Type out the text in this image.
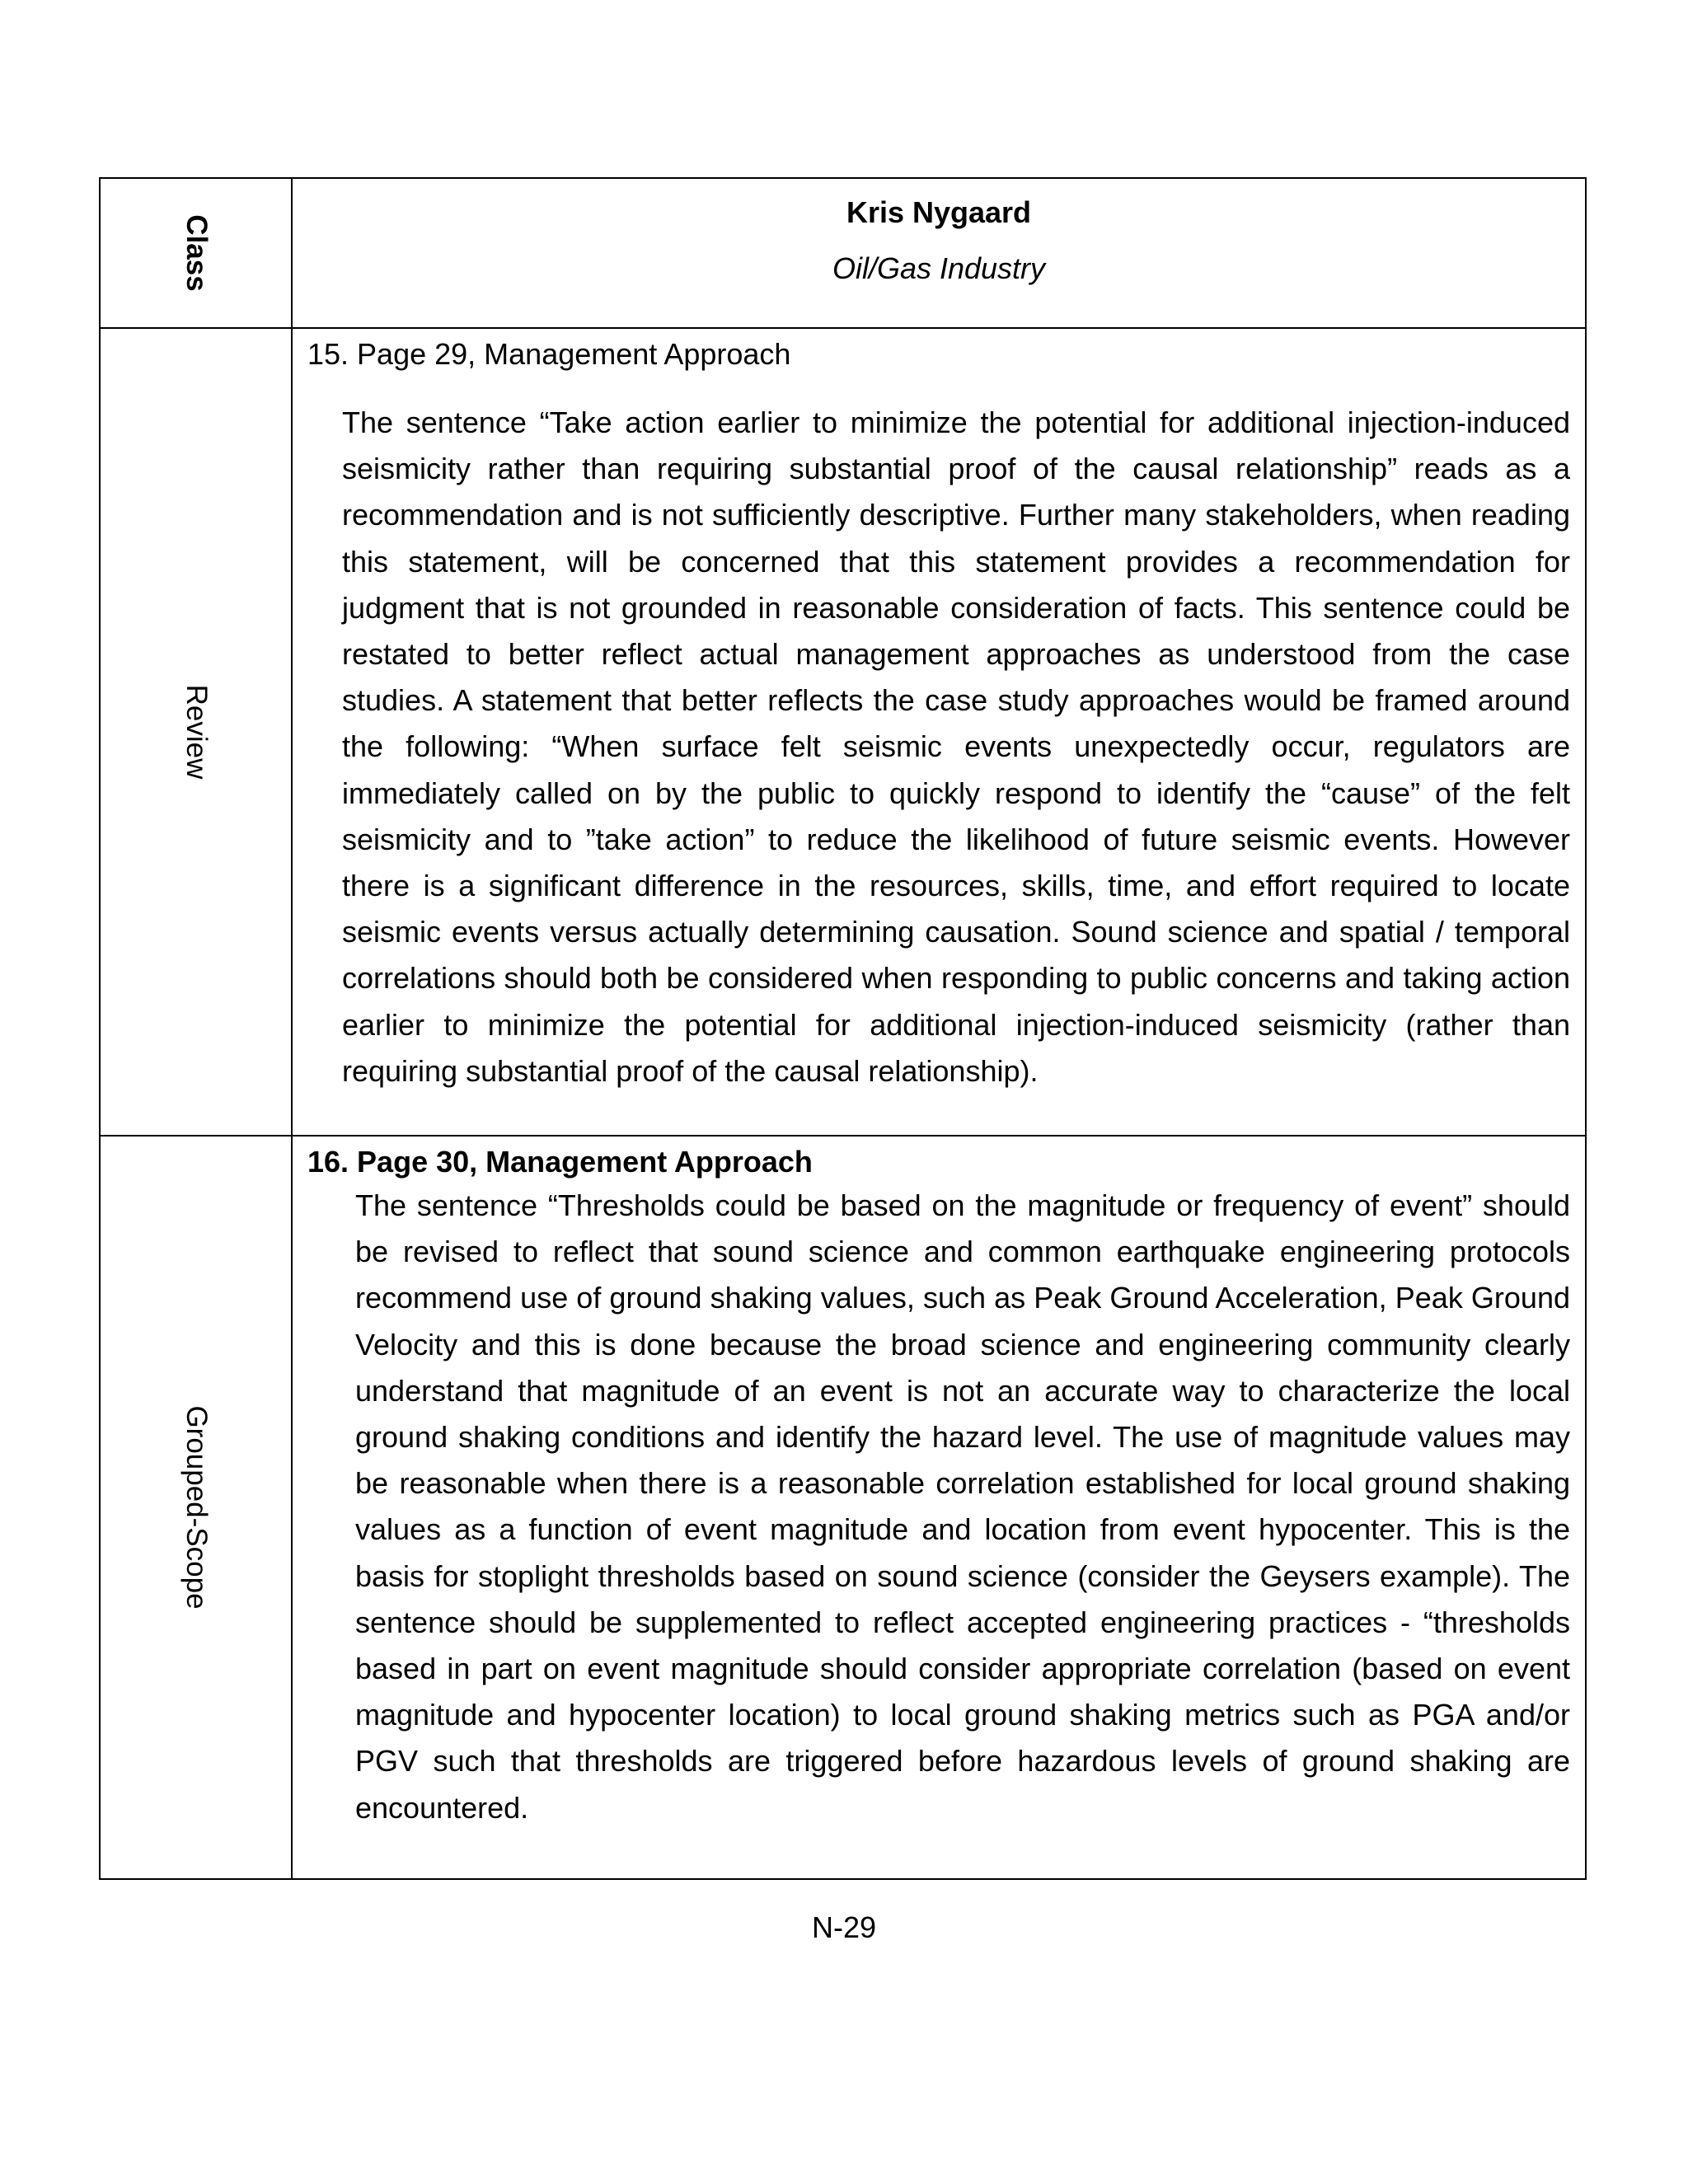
Class
Kris Nygaard
Oil/Gas Industry
Review
15. Page 29, Management Approach

The sentence “Take action earlier to minimize the potential for additional injection-induced seismicity rather than requiring substantial proof of the causal relationship” reads as a recommendation and is not sufficiently descriptive. Further many stakeholders, when reading this statement, will be concerned that this statement provides a recommendation for judgment that is not grounded in reasonable consideration of facts. This sentence could be restated to better reflect actual management approaches as understood from the case studies. A statement that better reflects the case study approaches would be framed around the following: “When surface felt seismic events unexpectedly occur, regulators are immediately called on by the public to quickly respond to identify the “cause” of the felt seismicity and to ”take action” to reduce the likelihood of future seismic events. However there is a significant difference in the resources, skills, time, and effort required to locate seismic events versus actually determining causation. Sound science and spatial / temporal correlations should both be considered when responding to public concerns and taking action earlier to minimize the potential for additional injection-induced seismicity (rather than requiring substantial proof of the causal relationship).

Grouped-Scope
16. Page 30, Management Approach

The sentence “Thresholds could be based on the magnitude or frequency of event” should be revised to reflect that sound science and common earthquake engineering protocols recommend use of ground shaking values, such as Peak Ground Acceleration, Peak Ground Velocity and this is done because the broad science and engineering community clearly understand that magnitude of an event is not an accurate way to characterize the local ground shaking conditions and identify the hazard level. The use of magnitude values may be reasonable when there is a reasonable correlation established for local ground shaking values as a function of event magnitude and location from event hypocenter. This is the basis for stoplight thresholds based on sound science (consider the Geysers example). The sentence should be supplemented to reflect accepted engineering practices - “thresholds based in part on event magnitude should consider appropriate correlation (based on event magnitude and hypocenter location) to local ground shaking metrics such as PGA and/or PGV such that thresholds are triggered before hazardous levels of ground shaking are encountered.

N-29
